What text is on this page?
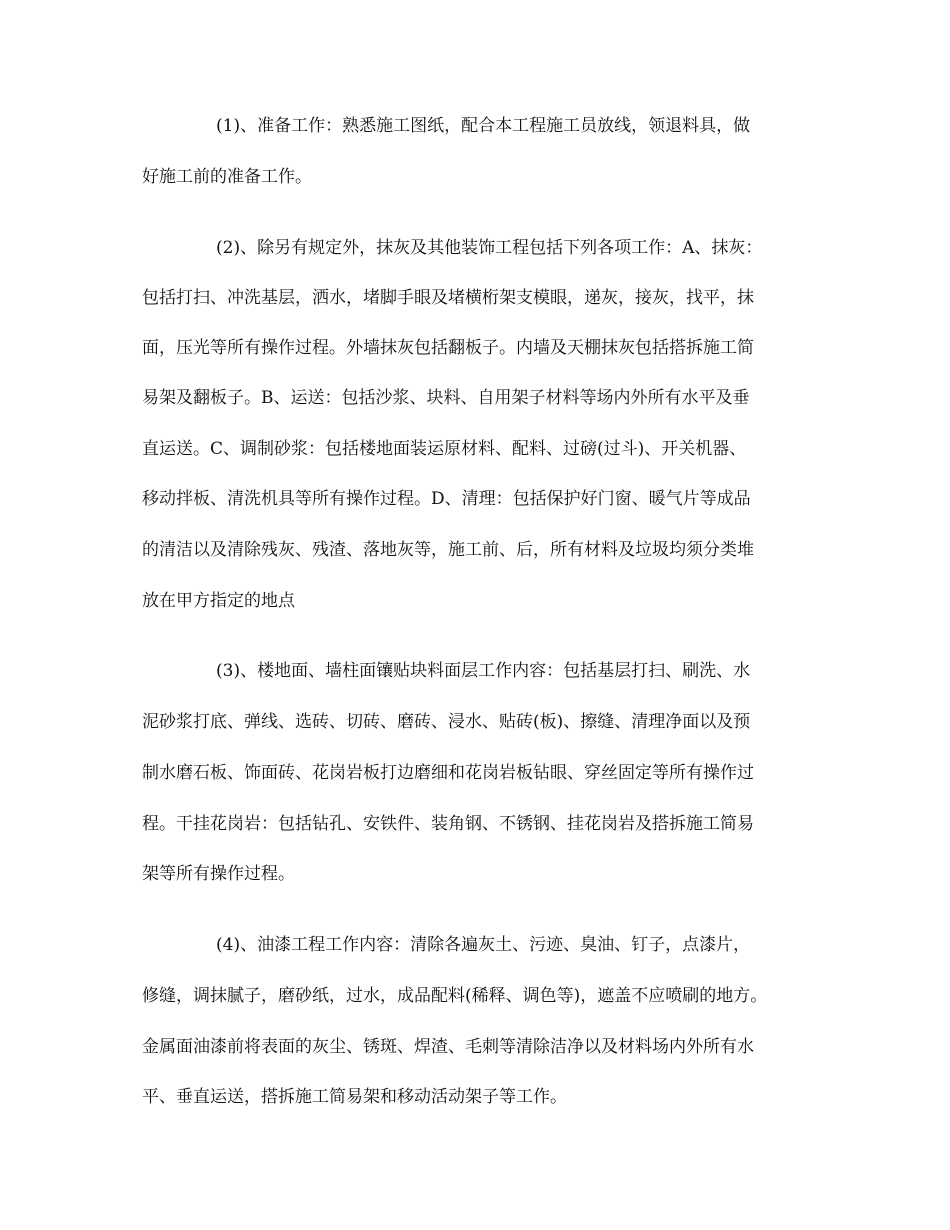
(1)、准备工作：熟悉施工图纸，配合本工程施工员放线，领退料具，做
好施工前的准备工作。
(2)、除另有规定外，抹灰及其他装饰工程包括下列各项工作：A、抹灰：
包括打扫、冲洗基层，洒水，堵脚手眼及堵横桁架支模眼，递灰，接灰，找平，抹
面，压光等所有操作过程。外墙抹灰包括翻板子。内墙及天棚抹灰包括搭拆施工简
易架及翻板子。B、运送：包括沙浆、块料、自用架子材料等场内外所有水平及垂
直运送。C、调制砂浆：包括楼地面装运原材料、配料、过磅(过斗)、开关机器、
移动拌板、清洗机具等所有操作过程。D、清理：包括保护好门窗、暖气片等成品
的清洁以及清除残灰、残渣、落地灰等，施工前、后，所有材料及垃圾均须分类堆
放在甲方指定的地点
(3)、楼地面、墙柱面镶贴块料面层工作内容：包括基层打扫、刷洗、水
泥砂浆打底、弹线、选砖、切砖、磨砖、浸水、贴砖(板)、擦缝、清理净面以及预
制水磨石板、饰面砖、花岗岩板打边磨细和花岗岩板钻眼、穿丝固定等所有操作过
程。干挂花岗岩：包括钻孔、安铁件、装角钢、不锈钢、挂花岗岩及搭拆施工简易
架等所有操作过程。
(4)、油漆工程工作内容：清除各遍灰土、污迹、臭油、钉子，点漆片，
修缝，调抹腻子，磨砂纸，过水，成品配料(稀释、调色等)，遮盖不应喷刷的地方。
金属面油漆前将表面的灰尘、锈斑、焊渣、毛刺等清除洁净以及材料场内外所有水
平、垂直运送，搭拆施工简易架和移动活动架子等工作。
